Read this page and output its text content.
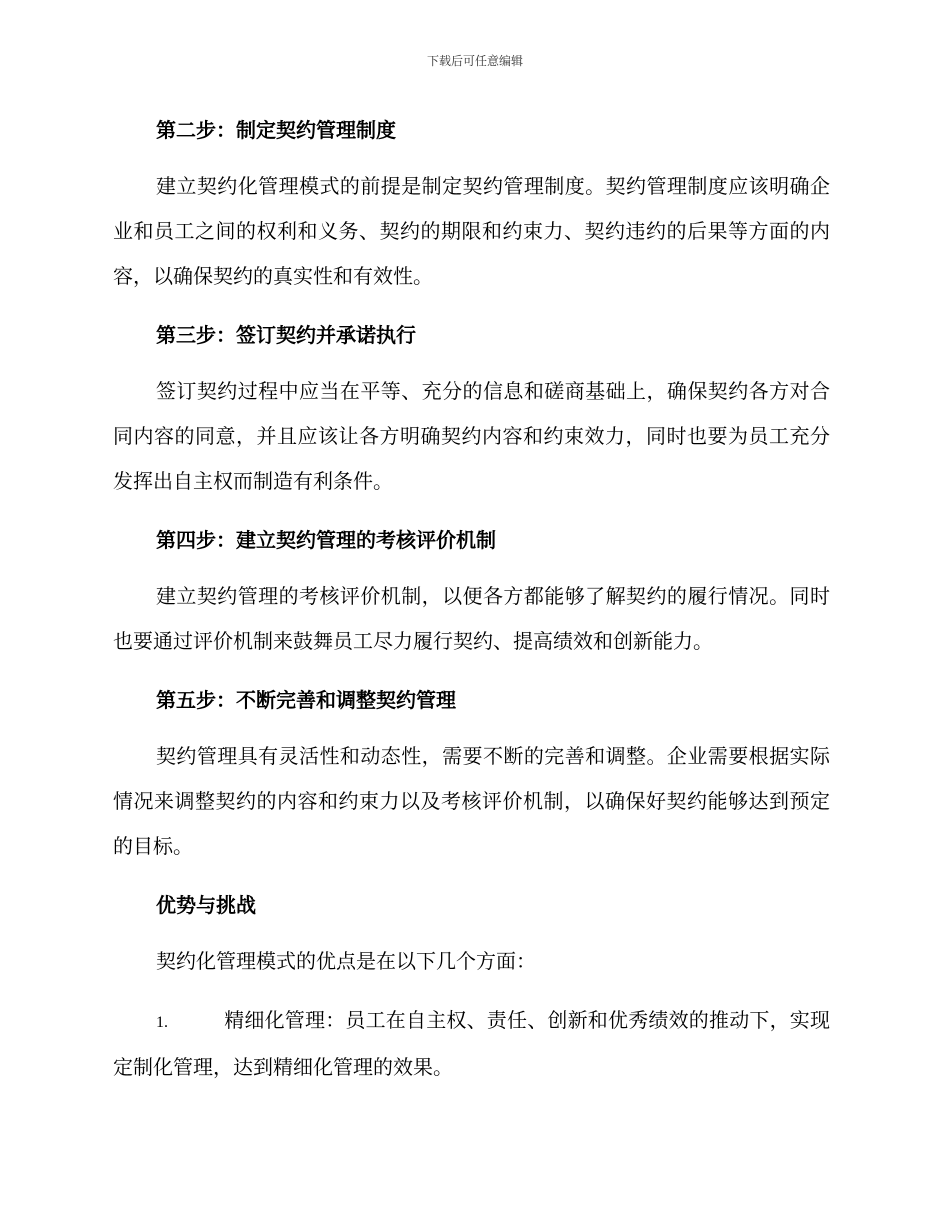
下载后可任意编辑
第二步：制定契约管理制度

建立契约化管理模式的前提是制定契约管理制度。契约管理制度应该明确企业和员工之间的权利和义务、契约的期限和约束力、契约违约的后果等方面的内容，以确保契约的真实性和有效性。

第三步：签订契约并承诺执行

签订契约过程中应当在平等、充分的信息和磋商基础上，确保契约各方对合同内容的同意，并且应该让各方明确契约内容和约束效力，同时也要为员工充分发挥出自主权而制造有利条件。

第四步：建立契约管理的考核评价机制

建立契约管理的考核评价机制，以便各方都能够了解契约的履行情况。同时也要通过评价机制来鼓舞员工尽力履行契约、提高绩效和创新能力。

第五步：不断完善和调整契约管理

契约管理具有灵活性和动态性，需要不断的完善和调整。企业需要根据实际情况来调整契约的内容和约束力以及考核评价机制，以确保好契约能够达到预定的目标。

优势与挑战

契约化管理模式的优点是在以下几个方面：

1.	精细化管理：员工在自主权、责任、创新和优秀绩效的推动下，实现定制化管理，达到精细化管理的效果。
